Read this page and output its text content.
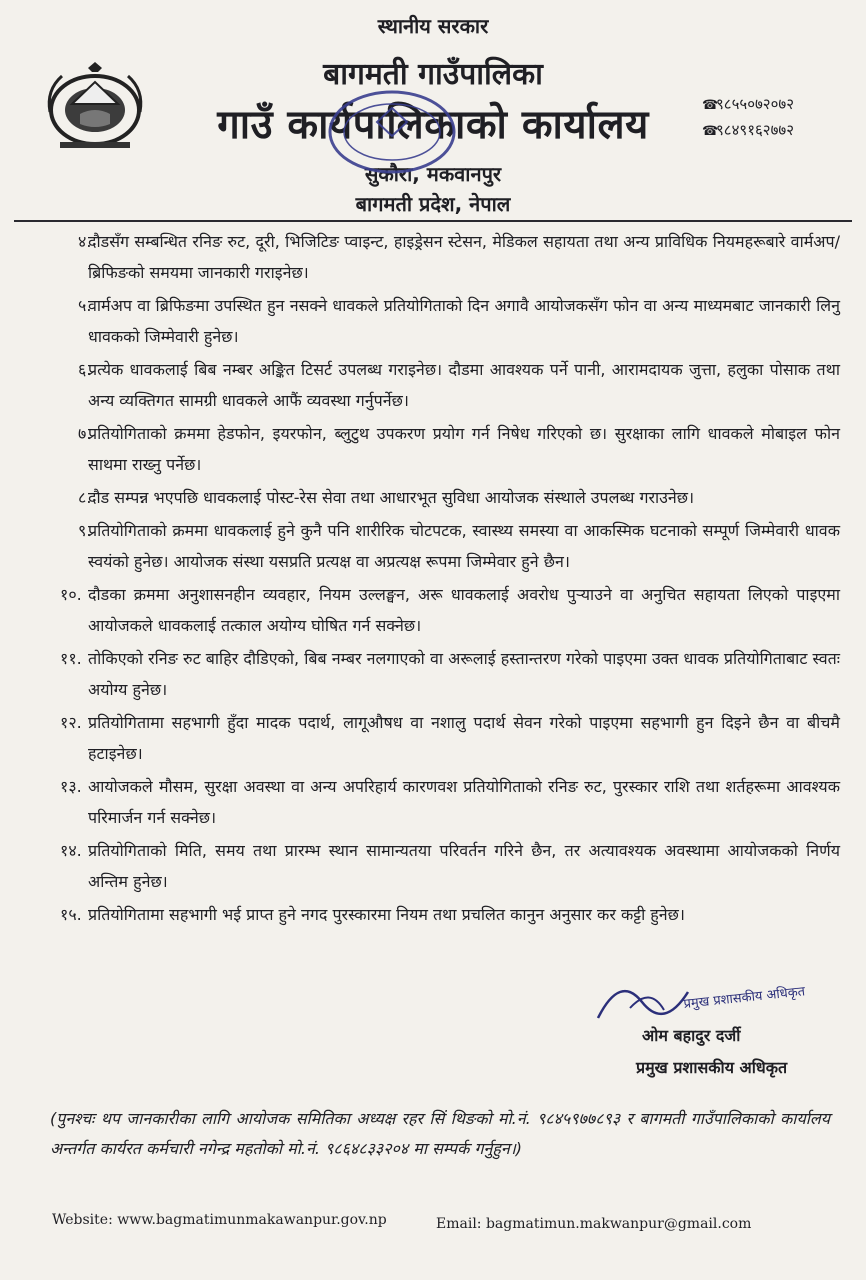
स्थानीय सरकार
बागमती गाउँपालिका
गाउँ कार्यपालिकाको कार्यालय
सुकौरा, मकवानपुर
बागमती प्रदेश, नेपाल
☎९८५५०७२०७२
☎९८४९१६२७७२
४.
दौडसँग सम्बन्धित रनिङ रुट, दूरी, भिजिटिङ प्वाइन्ट, हाइड्रेसन स्टेसन, मेडिकल सहायता तथा अन्य प्राविधिक नियमहरूबारे वार्मअप/ब्रिफिङको समयमा जानकारी गराइनेछ।
५.
वार्मअप वा ब्रिफिङमा उपस्थित हुन नसक्ने धावकले प्रतियोगिताको दिन अगावै आयोजकसँग फोन वा अन्य माध्यमबाट जानकारी लिनु धावकको जिम्मेवारी हुनेछ।
६.
प्रत्येक धावकलाई बिब नम्बर अङ्कित टिसर्ट उपलब्ध गराइनेछ। दौडमा आवश्यक पर्ने पानी, आरामदायक जुत्ता, हलुका पोसाक तथा अन्य व्यक्तिगत सामग्री धावकले आफैं व्यवस्था गर्नुपर्नेछ।
७.
प्रतियोगिताको क्रममा हेडफोन, इयरफोन, ब्लुटुथ उपकरण प्रयोग गर्न निषेध गरिएको छ। सुरक्षाका लागि धावकले मोबाइल फोन साथमा राख्नु पर्नेछ।
८.
दौड सम्पन्न भएपछि धावकलाई पोस्ट-रेस सेवा तथा आधारभूत सुविधा आयोजक संस्थाले उपलब्ध गराउनेछ।
९.
प्रतियोगिताको क्रममा धावकलाई हुने कुनै पनि शारीरिक चोटपटक, स्वास्थ्य समस्या वा आकस्मिक घटनाको सम्पूर्ण जिम्मेवारी धावक स्वयंको हुनेछ। आयोजक संस्था यसप्रति प्रत्यक्ष वा अप्रत्यक्ष रूपमा जिम्मेवार हुने छैन।
१०. दौडका क्रममा अनुशासनहीन व्यवहार, नियम उल्लङ्घन, अरू धावकलाई अवरोध पुऱ्याउने वा अनुचित सहायता लिएको पाइएमा आयोजकले धावकलाई तत्काल अयोग्य घोषित गर्न सक्नेछ।
११. तोकिएको रनिङ रुट बाहिर दौडिएको, बिब नम्बर नलगाएको वा अरूलाई हस्तान्तरण गरेको पाइएमा उक्त धावक प्रतियोगिताबाट स्वतः अयोग्य हुनेछ।
१२. प्रतियोगितामा सहभागी हुँदा मादक पदार्थ, लागूऔषध वा नशालु पदार्थ सेवन गरेको पाइएमा सहभागी हुन दिइने छैन वा बीचमै हटाइनेछ।
१३. आयोजकले मौसम, सुरक्षा अवस्था वा अन्य अपरिहार्य कारणवश प्रतियोगिताको रनिङ रुट, पुरस्कार राशि तथा शर्तहरूमा आवश्यक परिमार्जन गर्न सक्नेछ।
१४. प्रतियोगिताको मिति, समय तथा प्रारम्भ स्थान सामान्यतया परिवर्तन गरिने छैन, तर अत्यावश्यक अवस्थामा आयोजकको निर्णय अन्तिम हुनेछ।
१५. प्रतियोगितामा सहभागी भई प्राप्त हुने नगद पुरस्कारमा नियम तथा प्रचलित कानुन अनुसार कर कट्टी हुनेछ।
प्रमुख प्रशासकीय अधिकृत
ओम बहादुर दर्जी
प्रमुख प्रशासकीय अधिकृत
(पुनश्चः थप जानकारीका लागि आयोजक समितिका अध्यक्ष रहर सिं थिङको मो.नं. ९८४५९७७८९३ र बागमती गाउँपालिकाको कार्यालय अन्तर्गत कार्यरत कर्मचारी नगेन्द्र महतोको मो.नं. ९८६४८३३२०४ मा सम्पर्क गर्नुहुन।)
Website: www.bagmatimunmakawanpur.gov.np	Email: bagmatimun.makwanpur@gmail.com
